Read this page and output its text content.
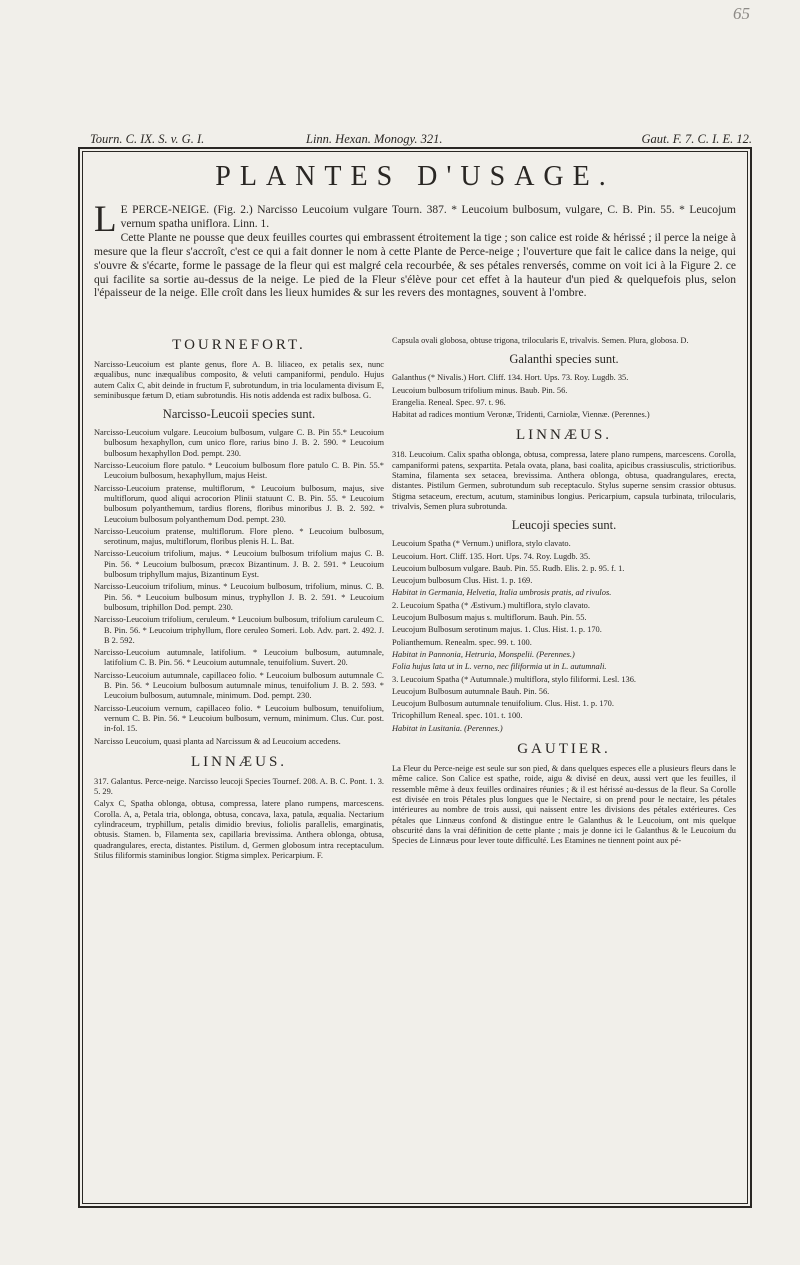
65
Tourn. C. IX. S. v. G. I.	Linn. Hexan. Monogy. 321.	Gaut. F. 7. C. I. E. 12.
PLANTES D'USAGE.
L E PERCE-NEIGE. (Fig. 2.) Narcisso Leucoium vulgare Tourn. 387. * Leucoium bulbosum, vulgare, C. B. Pin. 55. * Leucojum vernum spatha uniflora. Linn. 1.

Cette Plante ne pousse que deux feuilles courtes qui embrassent étroitement la tige ; son calice est roide & hérissé ; il perce la neige à mesure que la fleur s'accroît, c'est ce qui a fait donner le nom à cette Plante de Perce-neige ; l'ouverture que fait le calice dans la neige, qui s'ouvre & s'écarte, forme le passage de la fleur qui est malgré cela recourbée, & ses pétales renversés, comme on voit ici à la Figure 2. ce qui facilite sa sortie au-dessus de la neige. Le pied de la Fleur s'élève pour cet effet à la hauteur d'un pied & quelquefois plus, selon l'épaisseur de la neige. Elle croît dans les lieux humides & sur les revers des montagnes, souvent à l'ombre.

TOURNEFORT.

Narcisso-Leucoium est plante genus, flore A. B. liliaceo, ex petalis sex, nunc æqualibus, nunc inæqualibus composito, & veluti campaniformi, pendulo. Hujus autem Calix C, abit deinde in fructum F, subrotundum, in tria loculamenta divisum E, seminibusque fætum D, etiam subrotundis. His notis addenda est radix bulbosa. G.

Narcisso-Leucoii species sunt.

Narcisso-Leucoium vulgare. Leucoium bulbosum, vulgare C. B. Pin 55.* Leucoium bulbosum hexaphyllon, cum unico flore, rarius bino J. B. 2. 590. * Leucoium bulbosum hexaphyllon Dod. pempt. 230.

Narcisso-Leucoium flore patulo. * Leucoium bulbosum flore patulo C. B. Pin. 55.* Leucoium bulbosum, hexaphyllum, majus Heist.

Narcisso-Leucoium pratense, multiflorum, * Leucoium bulbosum, majus, sive multiflorum, quod aliqui acrocorion Plinii statuunt C. B. Pin. 55. * Leucoium bulbosum polyanthemum, tardius florens, floribus minoribus J. B. 2. 592. * Leucoium bulbosum polyanthemum Dod. pempt. 230.

Narcisso-Leucoium pratense, multiflorum. Flore pleno. * Leucoium bulbosum, serotinum, majus, multiflorum, floribus plenis H. L. Bat.

Narcisso-Leucoium trifolium, majus. * Leucoium bulbosum trifolium majus C. B. Pin. 56. * Leucoium bulbosum, præcox Bizantinum. J. B. 2. 591. * Leucoium bulbosum triphyllum majus, Bizantinum Eyst.

Narcisso-Leucoium trifolium, minus. * Leucoium bulbosum, trifolium, minus. C. B. Pin. 56. * Leucoium bulbosum minus, tryphyllon J. B. 2. 591. * Leucoium bulbosum, triphillon Dod. pempt. 230.

Narcisso-Leucoium trifolium, ceruleum. * Leucoium bulbosum, trifolium caruleum C. B. Pin. 56. * Leucoium triphyllum, flore ceruleo Someri. Lob. Adv. part. 2. 492. J. B 2. 592.

Narcisso-Leucoium autumnale, latifolium. * Leucoium bulbosum, autumnale, latifolium C. B. Pin. 56. * Leucoium autumnale, tenuifolium. Suvert. 20.

Narcisso-Leucoium autumnale, capillaceo folio. * Leucoium bulbosum autumnale C. B. Pin. 56. * Leucoium bulbosum autumnale minus, tenuifolium J. B. 2. 593. * Leucoium bulbosum, autumnale, minimum. Dod. pempt. 230.

Narcisso-Leucoium vernum, capillaceo folio. * Leucoium bulbosum, tenuifolium, vernum C. B. Pin. 56. * Leucoium bulbosum, vernum, minimum. Clus. Cur. post. in-fol. 15.

Narcisso Leucoium, quasi planta ad Narcissum & ad Leucoium accedens.

LINNÆUS.

317. Galantus. Perce-neige. Narcisso leucoji Species Tournef. 208. A. B. C. Pont. 1. 3. 5. 29.

Calyx C, Spatha oblonga, obtusa, compressa, latere plano rumpens, marcescens. Corolla. A, a, Petala tria, oblonga, obtusa, concava, laxa, patula, æqualia. Nectarium cylindraceum, tryphillum, petalis dimidio brevius, foliolis parallelis, emarginatis, obtusis. Stamen. b, Filamenta sex, capillaria brevissima. Anthera oblonga, obtusa, quadrangulares, erecta, distantes. Pistilum. d, Germen globosum intra receptaculum. Stilus filiformis staminibus longior. Stigma simplex. Pericarpium. F.

Capsula ovali globosa, obtuse trigona, trilocularis E, trivalvis. Semen. Plura, globosa. D.

Galanthi species sunt.

Galanthus (* Nivalis.) Hort. Cliff. 134. Hort. Ups. 73. Roy. Lugdb. 35.

Leucoium bulbosum trifolium minus. Baub. Pin. 56.

Erangelia. Reneal. Spec. 97. t. 96.

Habitat ad radices montium Veronæ, Tridenti, Carniolæ, Viennæ. (Perennes.)

LINNÆUS.

318. Leucoium. Calix spatha oblonga, obtusa, compressa, latere plano rumpens, marcescens. Corolla, campaniformi patens, sexpartita. Petala ovata, plana, basi coalita, apicibus crassiusculis, strictioribus. Stamina, filamenta sex setacea, brevissima. Anthera oblonga, obtusa, quadrangulares, erecta, distantes. Pistilum Germen, subrotundum sub receptaculo. Stylus superne sensim crassior obtusus. Stigma setaceum, erectum, acutum, staminibus longius. Pericarpium, capsula turbinata, trilocularis, trivalvis, Semen plura subrotunda.

Leucoji species sunt.

Leucoium Spatha (* Vernum.) uniflora, stylo clavato.

Leucoium. Hort. Cliff. 135. Hort. Ups. 74. Roy. Lugdb. 35.

Leucoium bulbosum vulgare. Baub. Pin. 55. Rudb. Elis. 2. p. 95. f. 1.

Leucojum bulbosum Clus. Hist. 1. p. 169.

Habitat in Germania, Helvetia, Italia umbrosis pratis, ad rivulos.

2. Leucoium Spatha (* Æstivum.) multiflora, stylo clavato.

Leucojum Bulbosum majus s. multiflorum. Bauh. Pin. 55.

Leucojum Bulbosum serotinum majus. 1. Clus. Hist. 1. p. 170.

Polianthemum. Renealm. spec. 99. t. 100.

Habitat in Pannonia, Hetruria, Monspelii. (Perennes.)

Folia hujus lata ut in L. verno, nec filiformia ut in L. autumnali.

3. Leucoium Spatha (* Autumnale.) multiflora, stylo filiformi. Lesl. 136.

Leucojum Bulbosum autumnale Bauh. Pin. 56.

Leucojum Bulbosum autumnale tenuifolium. Clus. Hist. 1. p. 170.

Tricophillum Reneal. spec. 101. t. 100.

Habitat in Lusitania. (Perennes.)

GAUTIER.

La Fleur du Perce-neige est seule sur son pied, & dans quelques especes elle a plusieurs fleurs dans le même calice. Son Calice est spathe, roide, aigu & divisé en deux, aussi vert que les feuilles, il ressemble même à deux feuilles ordinaires réunies ; & il est hérissé au-dessus de la fleur. Sa Corolle est divisée en trois Pétales plus longues que le Nectaire, si on prend pour le nectaire, les pétales intérieures au nombre de trois aussi, qui naissent entre les divisions des pétales extérieures. Ces pétales que Linnæus confond & distingue entre le Galanthus & le Leucoium, ont mis quelque obscurité dans la vrai définition de cette plante ; mais je donne ici le Galanthus & le Leucoium du Species de Linnæus pour lever toute difficulté. Les Etamines ne tiennent point aux pé-
